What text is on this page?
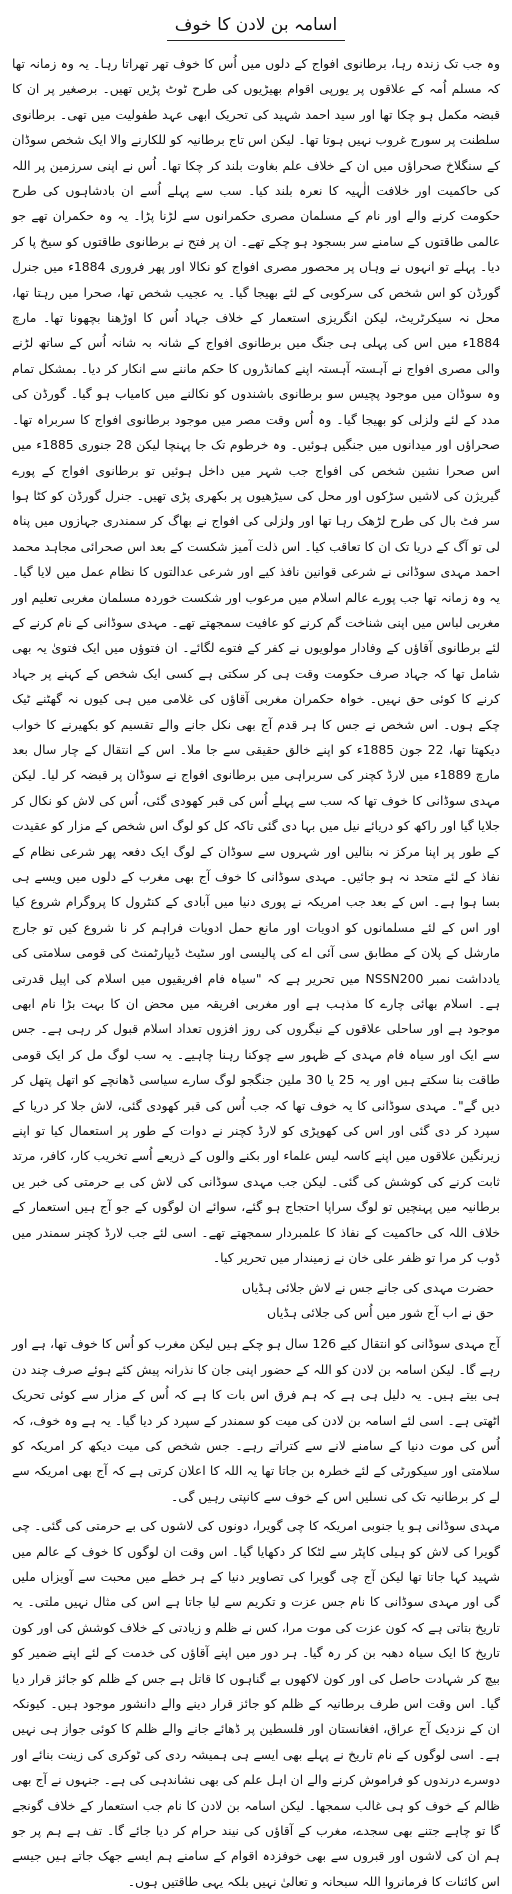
اسامہ بن لادن کا خوف

وہ جب تک زندہ رہا، برطانوی افواج کے دلوں میں اُس کا خوف تھر تھراتا رہا۔ یہ وہ زمانہ تھا کہ مسلم اُمہ کے علاقوں پر یورپی اقوام بھیڑیوں کی طرح ٹوٹ پڑیں تھیں۔ برصغیر پر ان کا قبضہ مکمل ہو چکا تھا اور سید احمد شہید کی تحریک ابھی عہد طفولیت میں تھی۔ برطانوی سلطنت پر سورج غروب نہیں ہوتا تھا۔ لیکن اس تاج برطانیہ کو للکارنے والا ایک شخص سوڈان کے سنگلاخ صحراؤں میں ان کے خلاف علم بغاوت بلند کر چکا تھا۔ اُس نے اپنی سرزمین پر اللہ کی حاکمیت اور خلافت الٰہیہ کا نعرہ بلند کیا۔ سب سے پہلے اُسے ان بادشاہوں کی طرح حکومت کرنے والے اور نام کے مسلمان مصری حکمرانوں سے لڑنا پڑا۔ یہ وہ حکمران تھے جو عالمی طاقتوں کے سامنے سر بسجود ہو چکے تھے۔ ان پر فتح نے برطانوی طاقتوں کو سیخ پا کر دیا۔ پہلے تو انہوں نے وہاں پر محصور مصری افواج کو نکالا اور پھر فروری 1884ء میں جنرل گورڈن کو اس شخص کی سرکوبی کے لئے بھیجا گیا۔ یہ عجیب شخص تھا، صحرا میں رہتا تھا، محل نہ سیکرٹریٹ، لیکن انگریزی استعمار کے خلاف جہاد اُس کا اوڑھنا بچھونا تھا۔ مارچ 1884ء میں اس کی پہلی ہی جنگ میں برطانوی افواج کے شانہ بہ شانہ اُس کے ساتھ لڑنے والی مصری افواج نے آہستہ آہستہ اپنے کمانڈروں کا حکم ماننے سے انکار کر دیا۔ بمشکل تمام وہ سوڈان میں موجود پچیس سو برطانوی باشندوں کو نکالنے میں کامیاب ہو گیا۔ گورڈن کی مدد کے لئے ولزلی کو بھیجا گیا۔ وہ اُس وقت مصر میں موجود برطانوی افواج کا سربراہ تھا۔ صحراؤں اور میدانوں میں جنگیں ہوئیں۔ وہ خرطوم تک جا پہنچا لیکن 28 جنوری 1885ء میں اس صحرا نشین شخص کی افواج جب شہر میں داخل ہوئیں تو برطانوی افواج کے پورے گیریژن کی لاشیں سڑکوں اور محل کی سیڑھیوں پر بکھری پڑی تھیں۔ جنرل گورڈن کو کٹا ہوا سر فٹ بال کی طرح لڑھک رہا تھا اور ولزلی کی افواج نے بھاگ کر سمندری جہازوں میں پناہ لی تو آگ کے دریا تک ان کا تعاقب کیا۔ اس ذلت آمیز شکست کے بعد اس صحرائی مجاہد محمد احمد مہدی سوڈانی نے شرعی قوانین نافذ کیے اور شرعی عدالتوں کا نظام عمل میں لایا گیا۔ یہ وہ زمانہ تھا جب پورے عالم اسلام میں مرعوب اور شکست خوردہ مسلمان مغربی تعلیم اور مغربی لباس میں اپنی شناخت گم کرنے کو عافیت سمجھتے تھے۔ مہدی سوڈانی کے نام کرنے کے لئے برطانوی آقاؤں کے وفادار مولویوں نے کفر کے فتوے لگائے۔ ان فتوؤں میں ایک فتویٰ یہ بھی شامل تھا کہ جہاد صرف حکومت وقت ہی کر سکتی ہے کسی ایک شخص کے کہنے پر جہاد کرنے کا کوئی حق نہیں۔ خواہ حکمران مغربی آقاؤں کی غلامی میں ہی کیوں نہ گھٹنے ٹیک چکے ہوں۔ اس شخص نے جس کا ہر قدم آج بھی نکل جانے والے تقسیم کو بکھیرنے کا خواب دیکھتا تھا، 22 جون 1885ء کو اپنے خالق حقیقی سے جا ملا۔ اس کے انتقال کے چار سال بعد مارچ 1889ء میں لارڈ کچنر کی سربراہی میں برطانوی افواج نے سوڈان پر قبضہ کر لیا۔ لیکن مہدی سوڈانی کا خوف تھا کہ سب سے پہلے اُس کی قبر کھودی گئی، اُس کی لاش کو نکال کر جلایا گیا اور راکھ کو دریائے نیل میں بہا دی گئی تاکہ کل کو لوگ اس شخص کے مزار کو عقیدت کے طور پر اپنا مرکز نہ بنالیں اور شہروں سے سوڈان کے لوگ ایک دفعہ پھر شرعی نظام کے نفاذ کے لئے متحد نہ ہو جائیں۔ مہدی سوڈانی کا خوف آج بھی مغرب کے دلوں میں ویسے ہی بسا ہوا ہے۔ اس کے بعد جب امریکہ نے پوری دنیا میں آبادی کے کنٹرول کا پروگرام شروع کیا اور اس کے لئے مسلمانوں کو ادویات اور مانع حمل ادویات فراہم کر نا شروع کیں تو جارج مارشل کے پلان کے مطابق سی آئی اے کی پالیسی اور سٹیٹ ڈیپارٹمنٹ کی قومی سلامتی کی یادداشت نمبر NSSN200 میں تحریر ہے کہ "سیاہ فام افریقیوں میں اسلام کی اپیل قدرتی ہے۔ اسلام بھائی چارے کا مذہب ہے اور مغربی افریقہ میں محض ان کا بہت بڑا نام ابھی موجود ہے اور ساحلی علاقوں کے نیگروں کی روز افزوں تعداد اسلام قبول کر رہی ہے۔ جس سے ایک اور سیاہ فام مہدی کے ظہور سے چوکنا رہنا چاہیے۔ یہ سب لوگ مل کر ایک قومی طاقت بنا سکتے ہیں اور یہ 25 یا 30 ملین جنگجو لوگ سارے سیاسی ڈھانچے کو اتھل پتھل کر دیں گے"۔ مہدی سوڈانی کا یہ خوف تھا کہ جب اُس کی قبر کھودی گئی، لاش جلا کر دریا کے سپرد کر دی گئی اور اس کی کھوپڑی کو لارڈ کچنر نے دوات کے طور پر استعمال کیا تو اپنے زیرنگین علاقوں میں اپنے کاسہ لیس علماء اور بکنے والوں کے ذریعے اُسے تخریب کار، کافر، مرتد ثابت کرنے کی کوشش کی گئی۔ لیکن جب مہدی سوڈانی کی لاش کی بے حرمتی کی خبر یں برطانیہ میں پہنچیں تو لوگ سراپا احتجاج ہو گئے، سوائے ان لوگوں کے جو آج ہیں استعمار کے خلاف اللہ کی حاکمیت کے نفاذ کا علمبردار سمجھتے تھے۔ اسی لئے جب لارڈ کچنر سمندر میں ڈوب کر مرا تو ظفر علی خان نے زمیندار میں تحریر کیا۔

حضرت مہدی کی جانے جس نے لاش جلائی ہڈیاں
حق نے اب آج شور میں اُس کی جلائی ہڈیاں

آج مہدی سوڈانی کو انتقال کیے 126 سال ہو چکے ہیں لیکن مغرب کو اُس کا خوف تھا، ہے اور رہے گا۔ لیکن اسامہ بن لادن کو اللہ کے حضور اپنی جان کا نذرانہ پیش کئے ہوئے صرف چند دن ہی بیتے ہیں۔ یہ دلیل ہی ہے کہ ہم فرق اس بات کا ہے کہ اُس کے مزار سے کوئی تحریک اٹھتی ہے۔ اسی لئے اسامہ بن لادن کی میت کو سمندر کے سپرد کر دیا گیا۔ یہ ہے وہ خوف، کہ اُس کی موت دنیا کے سامنے لانے سے کتراتے رہے۔ جس شخص کی میت دیکھ کر امریکہ کو سلامتی اور سیکورٹی کے لئے خطرہ بن جاتا تھا یہ اللہ کا اعلان کرتی ہے کہ آج بھی امریکہ سے لے کر برطانیہ تک کی نسلیں اس کے خوف سے کانپتی رہیں گی۔

مہدی سوڈانی ہو یا جنوبی امریکہ کا چی گویرا، دونوں کی لاشوں کی بے حرمتی کی گئی۔ چی گویرا کی لاش کو ہیلی کاپٹر سے لٹکا کر دکھایا گیا۔ اس وقت ان لوگوں کا خوف کے عالم میں شہید کہا جاتا تھا لیکن آج چی گویرا کی تصاویر دنیا کے ہر خطے میں محبت سے آویزاں ملیں گی اور مہدی سوڈانی کا نام جس عزت و تکریم سے لیا جاتا ہے اس کی مثال نہیں ملتی۔ یہ تاریخ بتاتی ہے کہ کون عزت کی موت مرا، کس نے ظلم و زیادتی کے خلاف کوشش کی اور کون تاریخ کا ایک سیاہ دھبہ بن کر رہ گیا۔ ہر دور میں اپنے آقاؤں کی خدمت کے لئے اپنے ضمیر کو بیچ کر شہادت حاصل کی اور کون لاکھوں بے گناہوں کا قاتل ہے جس کے ظلم کو جائز قرار دیا گیا۔ اس وقت اس طرف برطانیہ کے ظلم کو جائز قرار دینے والے دانشور موجود ہیں۔ کیونکہ ان کے نزدیک آج عراق، افغانستان اور فلسطین پر ڈھائے جانے والے ظلم کا کوئی جواز ہی نہیں ہے۔ اسی لوگوں کے نام تاریخ نے پہلے بھی ایسے ہی ہمیشہ ردی کی ٹوکری کی زینت بنائے اور دوسرے درندوں کو فراموش کرنے والے ان اہل علم کی بھی نشاندہی کی ہے۔ جنہوں نے آج بھی ظالم کے خوف کو ہی غالب سمجھا۔ لیکن اسامہ بن لادن کا نام جب استعمار کے خلاف گونجے گا تو چاہے جتنے بھی سجدے، مغرب کے آقاؤں کی نیند حرام کر دیا جائے گا۔ تف ہے ہم پر جو ہم ان کی لاشوں اور قبروں سے بھی خوفزدہ اقوام کے سامنے ہم ایسے جھک جاتے ہیں جیسے اس کائنات کا فرمانروا اللہ سبحانہ و تعالیٰ نہیں بلکہ یہی طاقتیں ہوں۔
